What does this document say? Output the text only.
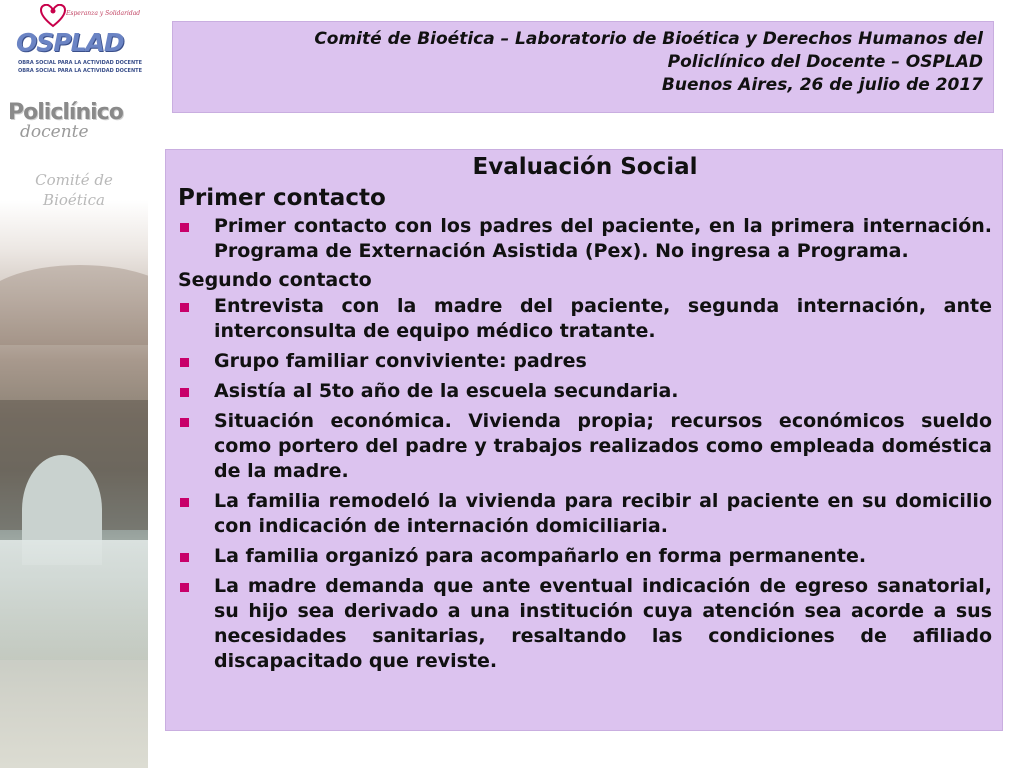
Esperanza y Solidaridad
OSPLAD
OBRA SOCIAL PARA LA ACTIVIDAD DOCENTE
OBRA SOCIAL PARA LA ACTIVIDAD DOCENTE
Policlínico
docente
Comité de
Bioética
Comité de Bioética – Laboratorio de Bioética y Derechos Humanos del
Policlínico del Docente – OSPLAD
Buenos Aires, 26 de julio de 2017
Evaluación Social
Primer contacto
Primer contacto con los padres del paciente, en la primera internación. Programa de Externación Asistida (Pex). No ingresa a Programa.
Segundo contacto
Entrevista con la madre del paciente, segunda internación, ante interconsulta de equipo médico tratante.
Grupo familiar conviviente: padres
Asistía al 5to año de la escuela secundaria.
Situación económica. Vivienda propia; recursos económicos sueldo como portero del padre y trabajos realizados como empleada doméstica de la madre.
La familia remodeló la vivienda para recibir al paciente en su domicilio con indicación de internación domiciliaria.
La familia organizó para acompañarlo en forma permanente.
La madre demanda que ante eventual indicación de egreso sanatorial, su hijo sea derivado a una institución cuya atención sea acorde a sus necesidades sanitarias, resaltando las condiciones de afiliado discapacitado que reviste.
